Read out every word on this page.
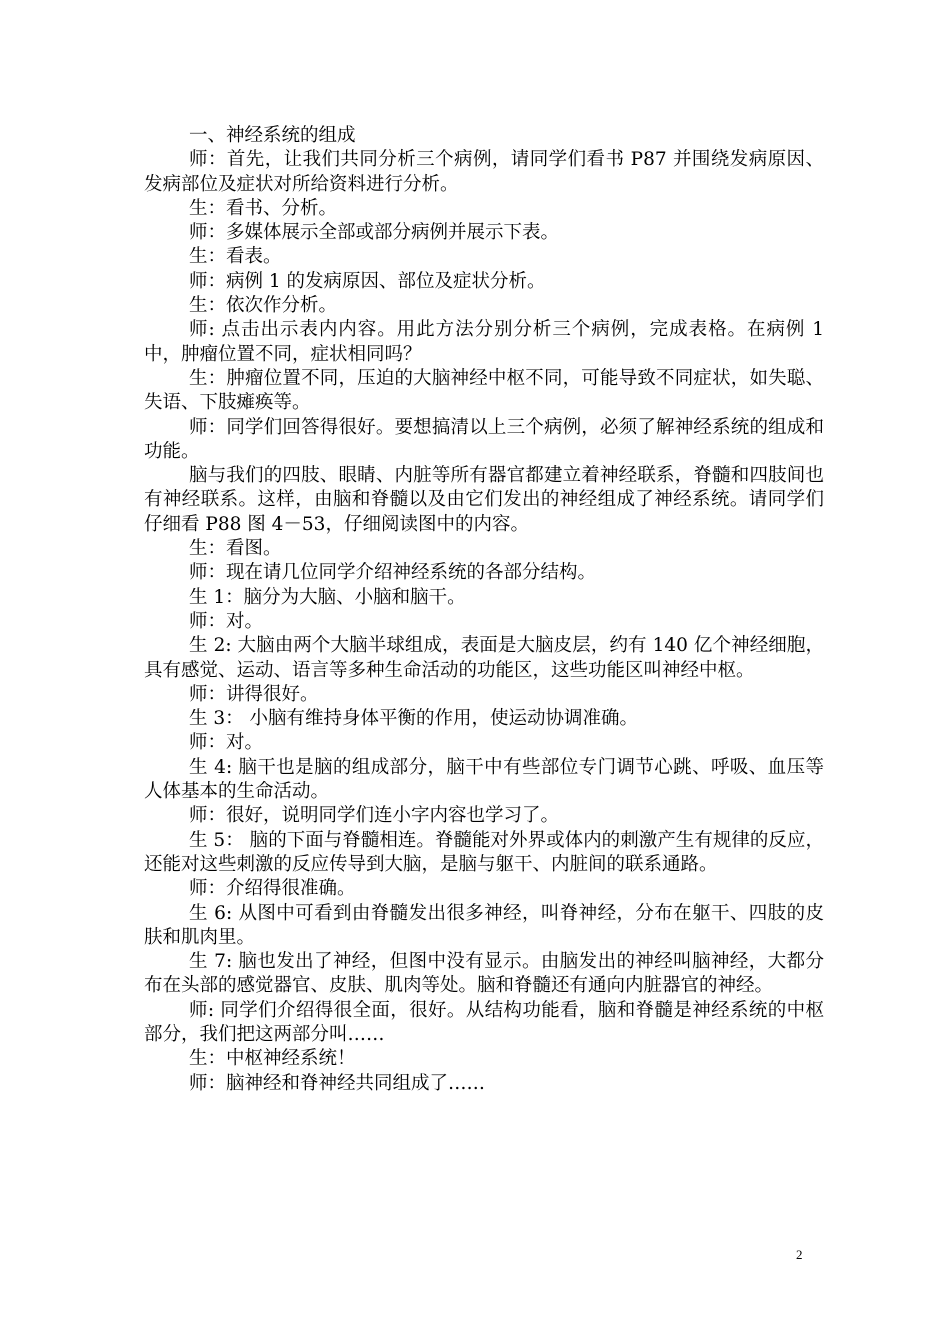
一、神经系统的组成

师：首先，让我们共同分析三个病例，请同学们看书 P87 并围绕发病原因、发病部位及症状对所给资料进行分析。

生：看书、分析。

师：多媒体展示全部或部分病例并展示下表。

生：看表。

师：病例 1 的发病原因、部位及症状分析。

生：依次作分析。

师: 点击出示表内内容。用此方法分别分析三个病例，完成表格。在病例 1 中，肿瘤位置不同，症状相同吗？

生：肿瘤位置不同，压迫的大脑神经中枢不同，可能导致不同症状，如失聪、失语、下肢瘫痪等。

师：同学们回答得很好。要想搞清以上三个病例，必须了解神经系统的组成和功能。

脑与我们的四肢、眼睛、内脏等所有器官都建立着神经联系，脊髓和四肢间也有神经联系。这样，由脑和脊髓以及由它们发出的神经组成了神经系统。请同学们仔细看 P88 图 4－53，仔细阅读图中的内容。

生：看图。

师：现在请几位同学介绍神经系统的各部分结构。

生 1：脑分为大脑、小脑和脑干。

师：对。

生 2: 大脑由两个大脑半球组成，表面是大脑皮层，约有 140 亿个神经细胞，具有感觉、运动、语言等多种生命活动的功能区，这些功能区叫神经中枢。

师：讲得很好。

生 3： 小脑有维持身体平衡的作用，使运动协调准确。

师：对。

生 4: 脑干也是脑的组成部分，脑干中有些部位专门调节心跳、呼吸、血压等人体基本的生命活动。

师：很好，说明同学们连小字内容也学习了。

生 5： 脑的下面与脊髓相连。脊髓能对外界或体内的刺激产生有规律的反应，还能对这些刺激的反应传导到大脑，是脑与躯干、内脏间的联系通路。

师：介绍得很准确。

生 6: 从图中可看到由脊髓发出很多神经，叫脊神经，分布在躯干、四肢的皮肤和肌肉里。

生 7: 脑也发出了神经，但图中没有显示。由脑发出的神经叫脑神经，大都分布在头部的感觉器官、皮肤、肌肉等处。脑和脊髓还有通向内脏器官的神经。

师: 同学们介绍得很全面，很好。从结构功能看，脑和脊髓是神经系统的中枢部分，我们把这两部分叫……

生：中枢神经系统！

师：脑神经和脊神经共同组成了……

2
